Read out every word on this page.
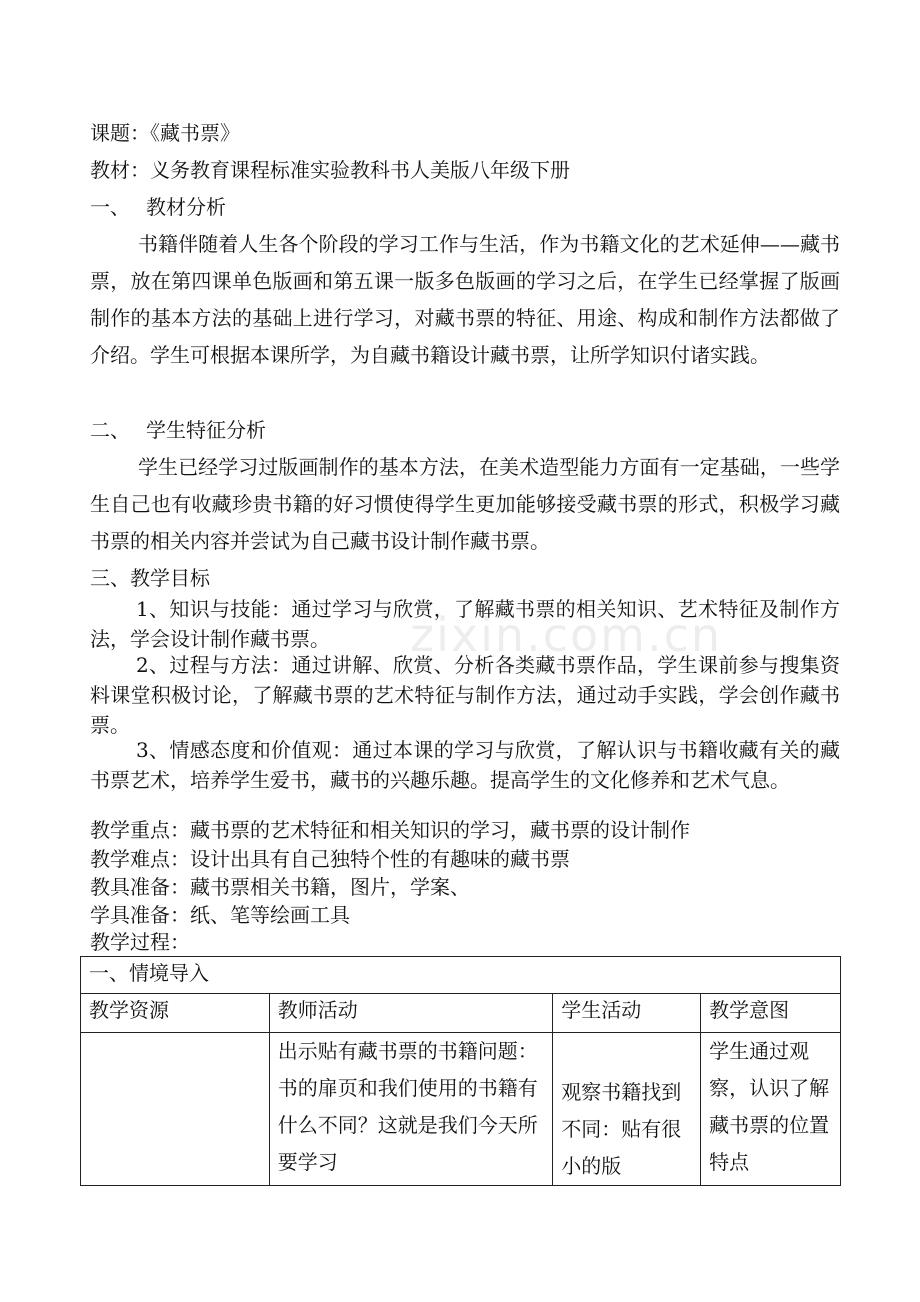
zixin.com.cn
课题：《藏书票》
教材：义务教育课程标准实验教科书人美版八年级下册
一、 教材分析
书籍伴随着人生各个阶段的学习工作与生活，作为书籍文化的艺术延伸——藏书票，放在第四课单色版画和第五课一版多色版画的学习之后，在学生已经掌握了版画制作的基本方法的基础上进行学习，对藏书票的特征、用途、构成和制作方法都做了介绍。学生可根据本课所学，为自藏书籍设计藏书票，让所学知识付诸实践。
二、 学生特征分析
学生已经学习过版画制作的基本方法，在美术造型能力方面有一定基础，一些学生自己也有收藏珍贵书籍的好习惯使得学生更加能够接受藏书票的形式，积极学习藏书票的相关内容并尝试为自己藏书设计制作藏书票。
三、教学目标
1、知识与技能：通过学习与欣赏，了解藏书票的相关知识、艺术特征及制作方法，学会设计制作藏书票。
2、过程与方法：通过讲解、欣赏、分析各类藏书票作品，学生课前参与搜集资料课堂积极讨论，了解藏书票的艺术特征与制作方法，通过动手实践，学会创作藏书票。
3、情感态度和价值观：通过本课的学习与欣赏，了解认识与书籍收藏有关的藏书票艺术，培养学生爱书，藏书的兴趣乐趣。提高学生的文化修养和艺术气息。
教学重点：藏书票的艺术特征和相关知识的学习，藏书票的设计制作
教学难点：设计出具有自己独特个性的有趣味的藏书票
教具准备：藏书票相关书籍，图片，学案、
学具准备：纸、笔等绘画工具
教学过程：
一、情境导入			
教学资源	教师活动	学生活动	教学意图
	出示贴有藏书票的书籍问题：书的扉页和我们使用的书籍有什么不同？这就是我们今天所要学习	观察书籍找到不同：贴有很小的版	学生通过观察，认识了解藏书票的位置特点
